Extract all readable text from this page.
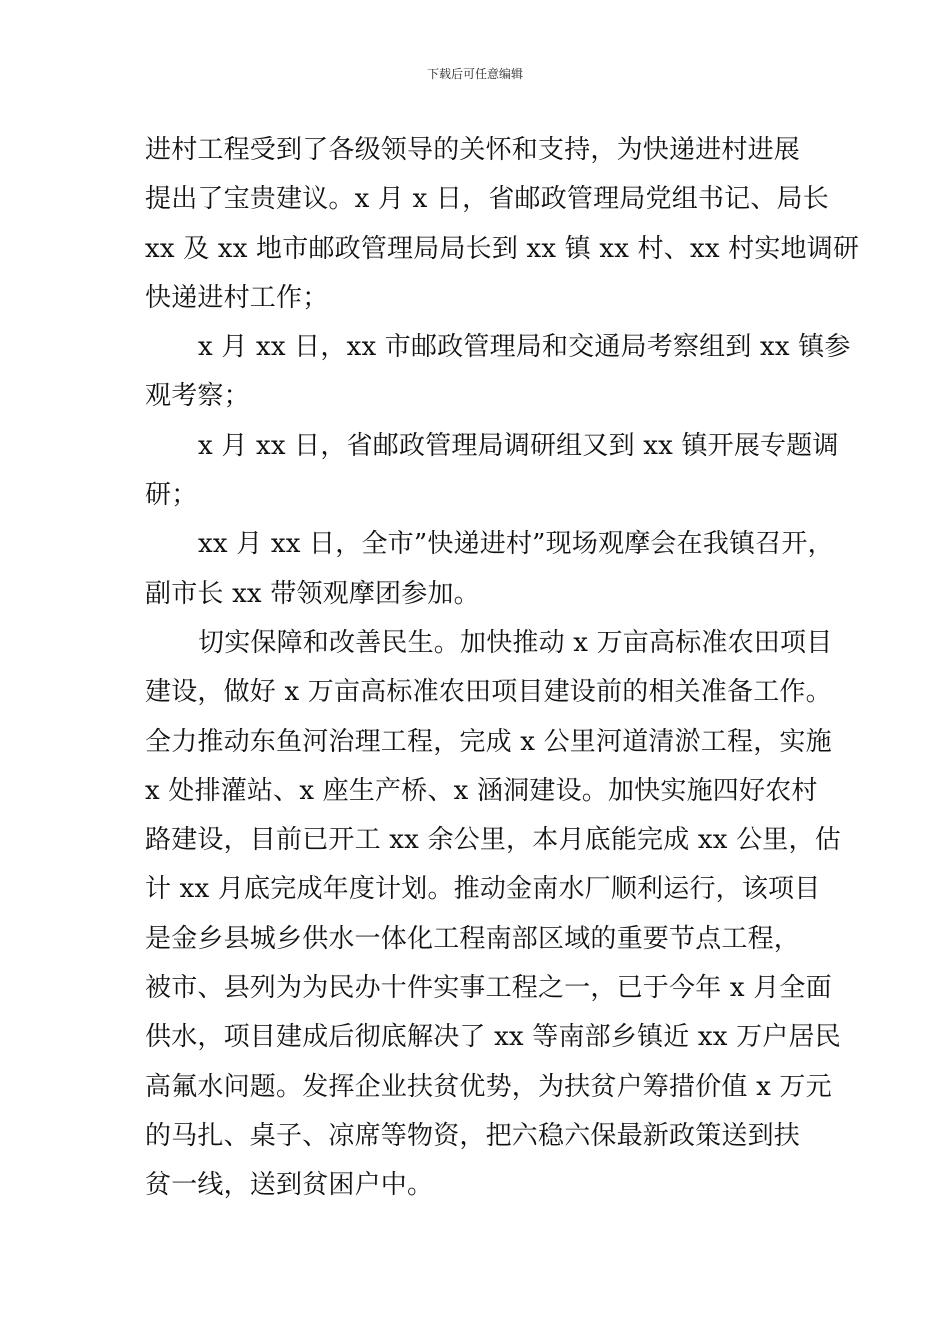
下载后可任意编辑
进村工程受到了各级领导的关怀和支持，为快递进村进展
提出了宝贵建议。x 月 x 日，省邮政管理局党组书记、局长
xx 及 xx 地市邮政管理局局长到 xx 镇 xx 村、xx 村实地调研
快递进村工作；
x 月 xx 日，xx 市邮政管理局和交通局考察组到 xx 镇参
观考察；
x 月 xx 日，省邮政管理局调研组又到 xx 镇开展专题调
研；
xx 月 xx 日，全市”快递进村”现场观摩会在我镇召开，
副市长 xx 带领观摩团参加。
切实保障和改善民生。加快推动 x 万亩高标准农田项目
建设，做好 x 万亩高标准农田项目建设前的相关准备工作。
全力推动东鱼河治理工程，完成 x 公里河道清淤工程，实施
x 处排灌站、x 座生产桥、x 涵洞建设。加快实施四好农村
路建设，目前已开工 xx 余公里，本月底能完成 xx 公里，估
计 xx 月底完成年度计划。推动金南水厂顺利运行，该项目
是金乡县城乡供水一体化工程南部区域的重要节点工程，
被市、县列为为民办十件实事工程之一，已于今年 x 月全面
供水，项目建成后彻底解决了 xx 等南部乡镇近 xx 万户居民
高氟水问题。发挥企业扶贫优势，为扶贫户筹措价值 x 万元
的马扎、桌子、凉席等物资，把六稳六保最新政策送到扶
贫一线，送到贫困户中。
